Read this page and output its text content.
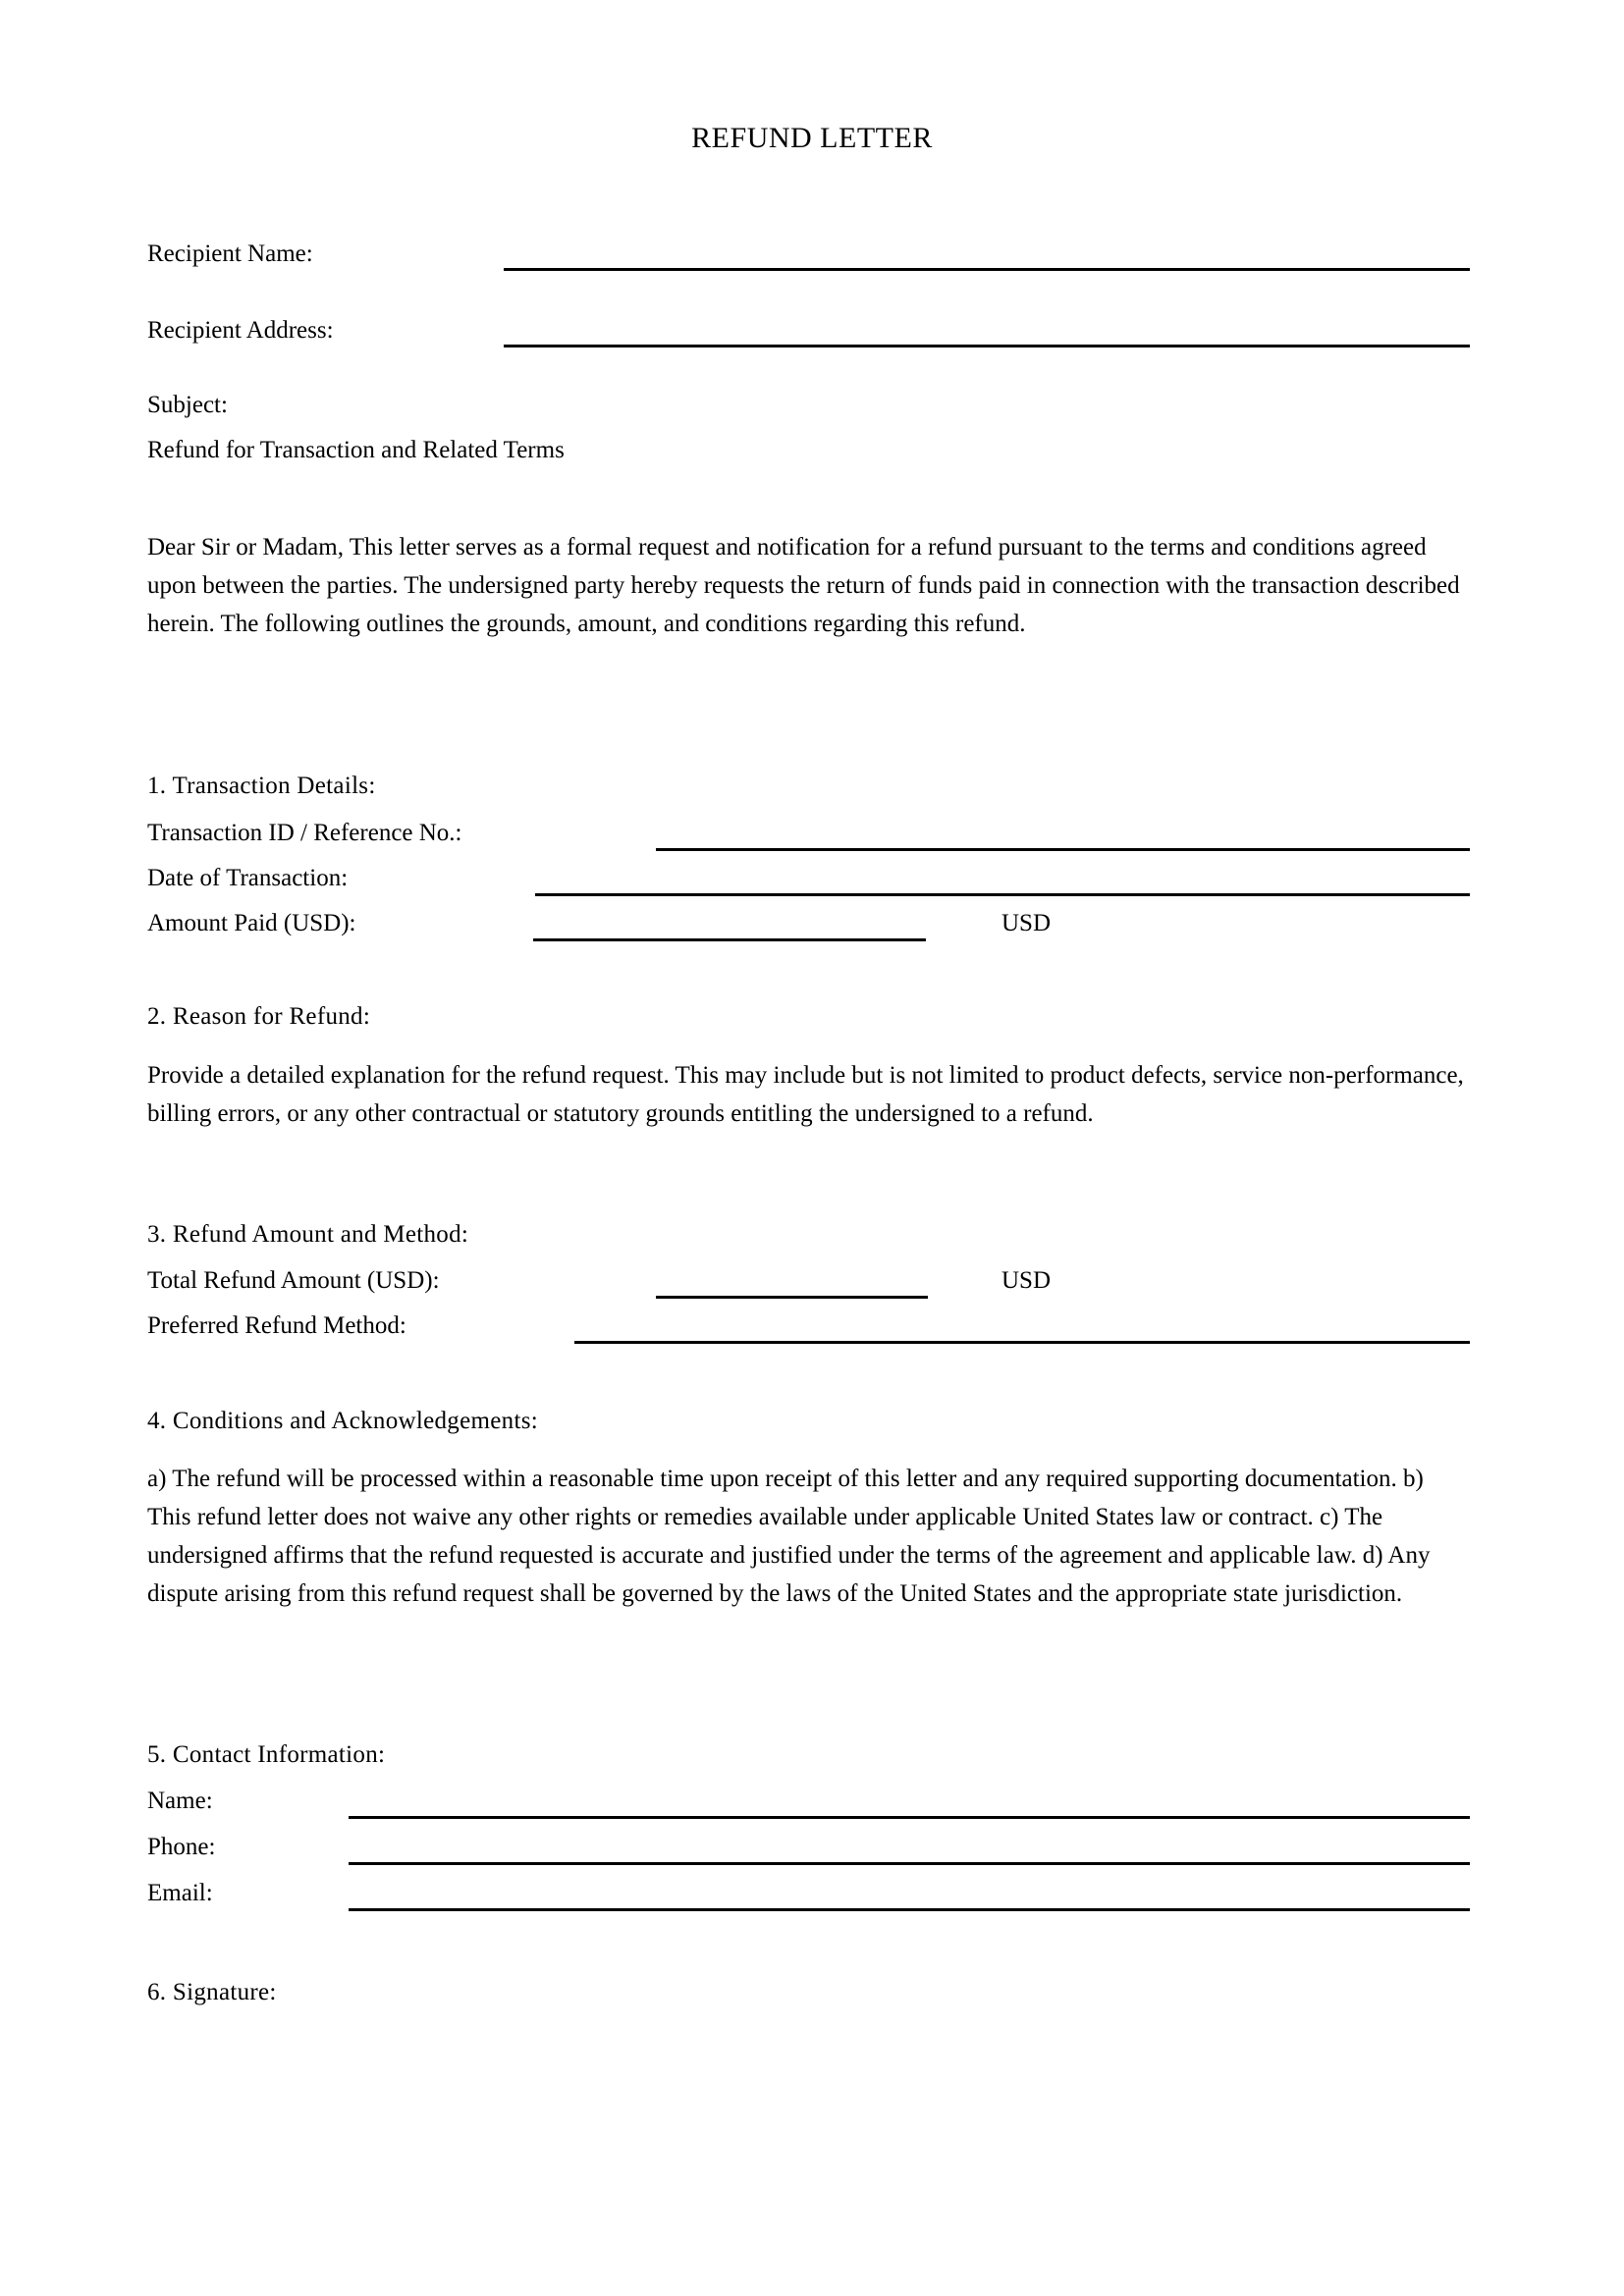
REFUND LETTER
Recipient Name:
Recipient Address:
Subject:
Refund for Transaction and Related Terms
Dear Sir or Madam, This letter serves as a formal request and notification for a refund pursuant to the terms and conditions agreed upon between the parties. The undersigned party hereby requests the return of funds paid in connection with the transaction described herein. The following outlines the grounds, amount, and conditions regarding this refund.
1. Transaction Details:
Transaction ID / Reference No.:
Date of Transaction:
Amount Paid (USD):	USD
2. Reason for Refund:
Provide a detailed explanation for the refund request. This may include but is not limited to product defects, service non-performance, billing errors, or any other contractual or statutory grounds entitling the undersigned to a refund.
3. Refund Amount and Method:
Total Refund Amount (USD):	USD
Preferred Refund Method:
4. Conditions and Acknowledgements:
a) The refund will be processed within a reasonable time upon receipt of this letter and any required supporting documentation. b) This refund letter does not waive any other rights or remedies available under applicable United States law or contract. c) The undersigned affirms that the refund requested is accurate and justified under the terms of the agreement and applicable law. d) Any dispute arising from this refund request shall be governed by the laws of the United States and the appropriate state jurisdiction.
5. Contact Information:
Name:
Phone:
Email:
6. Signature:
